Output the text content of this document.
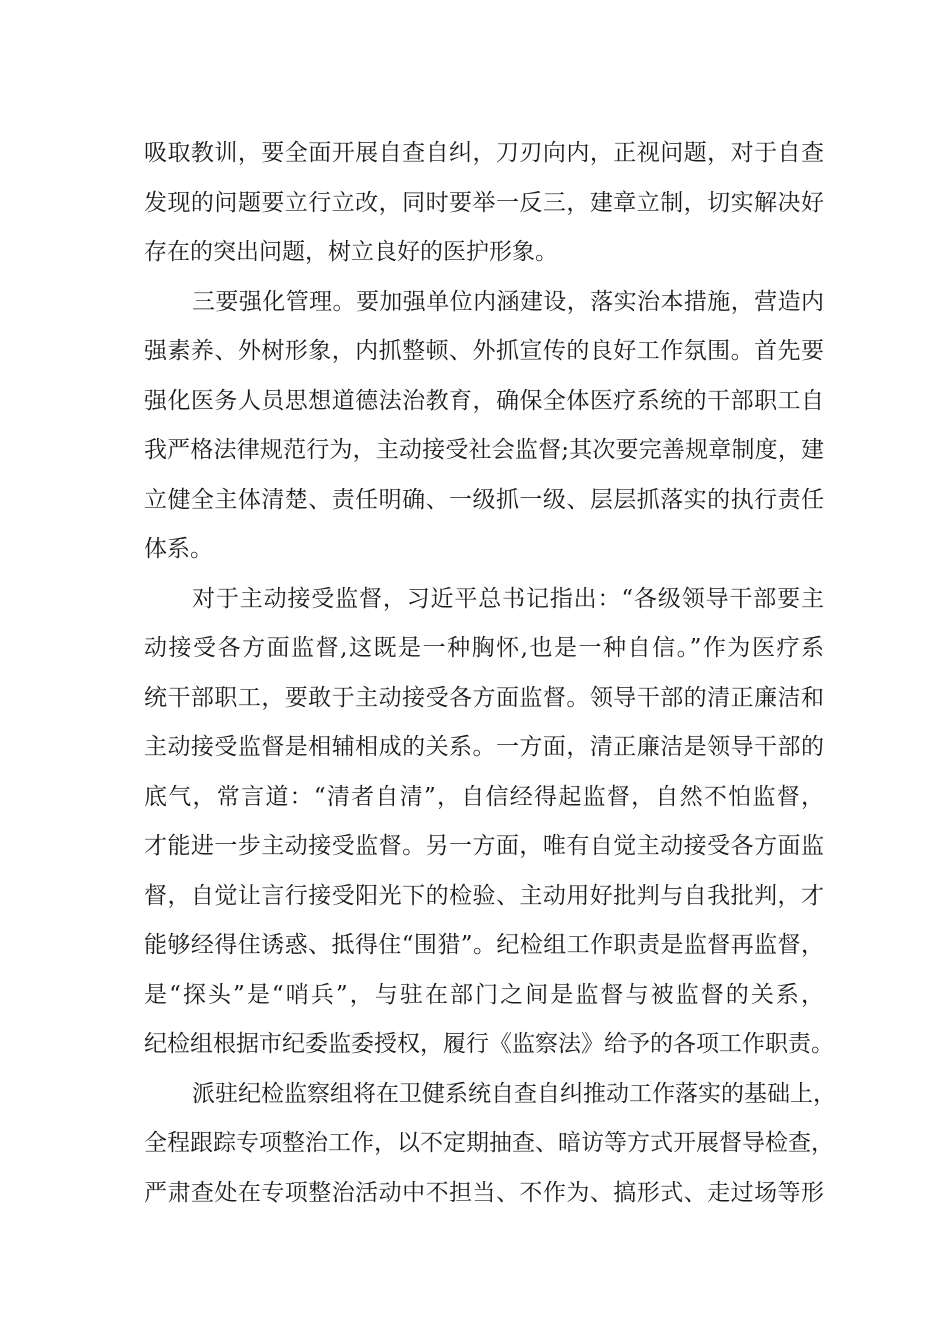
吸取教训，要全面开展自查自纠，刀刃向内，正视问题，对于自查
发现的问题要立行立改，同时要举一反三，建章立制，切实解决好
存在的突出问题，树立良好的医护形象。
三要强化管理。要加强单位内涵建设，落实治本措施，营造内
强素养、外树形象，内抓整顿、外抓宣传的良好工作氛围。首先要
强化医务人员思想道德法治教育，确保全体医疗系统的干部职工自
我严格法律规范行为，主动接受社会监督;其次要完善规章制度，建
立健全主体清楚、责任明确、一级抓一级、层层抓落实的执行责任
体系。
对于主动接受监督，习近平总书记指出：“各级领导干部要主
动接受各方面监督,这既是一种胸怀,也是一种自信。”作为医疗系
统干部职工，要敢于主动接受各方面监督。领导干部的清正廉洁和
主动接受监督是相辅相成的关系。一方面，清正廉洁是领导干部的
底气，常言道：“清者自清”，自信经得起监督，自然不怕监督，
才能进一步主动接受监督。另一方面，唯有自觉主动接受各方面监
督，自觉让言行接受阳光下的检验、主动用好批判与自我批判，才
能够经得住诱惑、抵得住“围猎”。纪检组工作职责是监督再监督，
是“探头”是“哨兵”，与驻在部门之间是监督与被监督的关系，
纪检组根据市纪委监委授权，履行《监察法》给予的各项工作职责。
派驻纪检监察组将在卫健系统自查自纠推动工作落实的基础上，
全程跟踪专项整治工作，以不定期抽查、暗访等方式开展督导检查，
严肃查处在专项整治活动中不担当、不作为、搞形式、走过场等形
